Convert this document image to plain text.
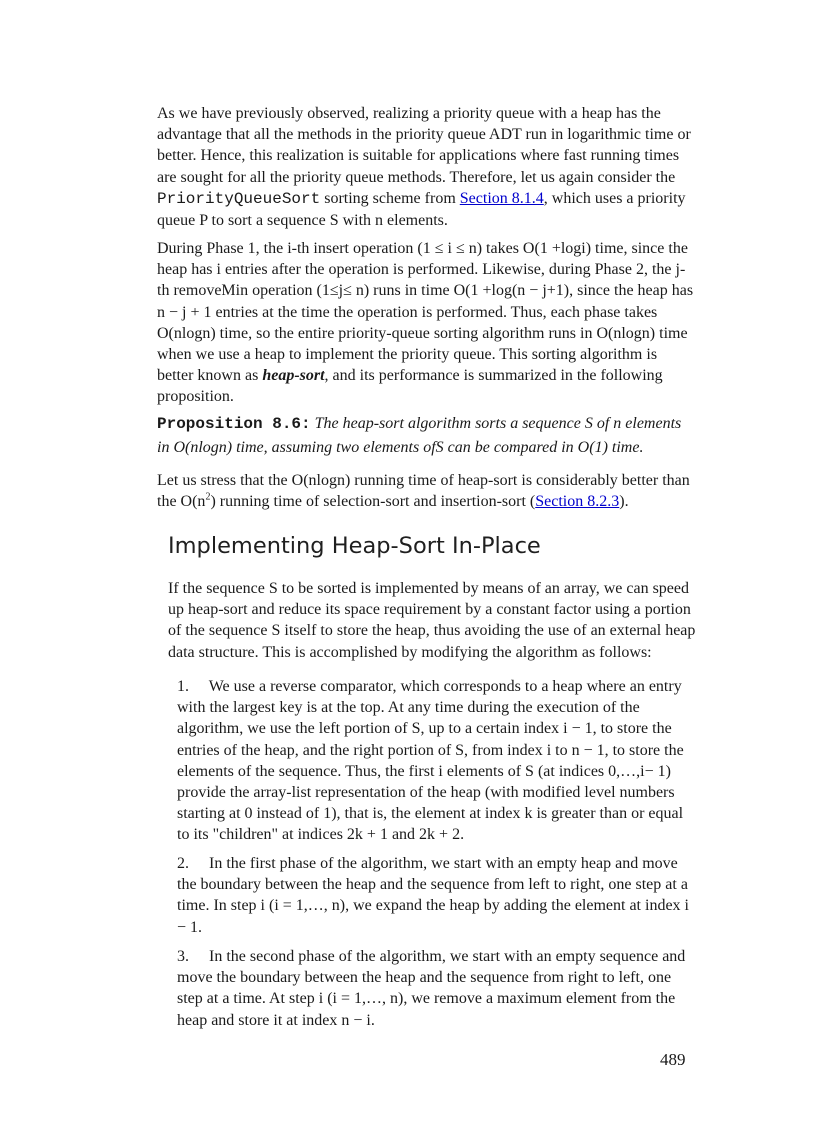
As we have previously observed, realizing a priority queue with a heap has the
advantage that all the methods in the priority queue ADT run in logarithmic time or
better. Hence, this realization is suitable for applications where fast running times
are sought for all the priority queue methods. Therefore, let us again consider the
PriorityQueueSort sorting scheme from Section 8.1.4, which uses a priority
queue P to sort a sequence S with n elements.
During Phase 1, the i-th insert operation (1 ≤ i ≤ n) takes O(1 +logi) time, since the
heap has i entries after the operation is performed. Likewise, during Phase 2, the j-
th removeMin operation (1≤j≤ n) runs in time O(1 +log(n − j+1), since the heap has
n − j + 1 entries at the time the operation is performed. Thus, each phase takes
O(nlogn) time, so the entire priority-queue sorting algorithm runs in O(nlogn) time
when we use a heap to implement the priority queue. This sorting algorithm is
better known as heap-sort, and its performance is summarized in the following
proposition.
Proposition 8.6: The heap-sort algorithm sorts a sequence S of n elements
in O(nlogn) time, assuming two elements ofS can be compared in O(1) time.
Let us stress that the O(nlogn) running time of heap-sort is considerably better than
the $O(n^2)$ running time of selection-sort and insertion-sort (Section 8.2.3).
Implementing Heap-Sort In-Place
If the sequence S to be sorted is implemented by means of an array, we can speed
up heap-sort and reduce its space requirement by a constant factor using a portion
of the sequence S itself to store the heap, thus avoiding the use of an external heap
data structure. This is accomplished by modifying the algorithm as follows:
1.     We use a reverse comparator, which corresponds to a heap where an entry
with the largest key is at the top. At any time during the execution of the
algorithm, we use the left portion of S, up to a certain index i − 1, to store the
entries of the heap, and the right portion of S, from index i to n − 1, to store the
elements of the sequence. Thus, the first i elements of S (at indices 0,…,i− 1)
provide the array-list representation of the heap (with modified level numbers
starting at 0 instead of 1), that is, the element at index k is greater than or equal
to its "children" at indices 2k + 1 and 2k + 2.
2.     In the first phase of the algorithm, we start with an empty heap and move
the boundary between the heap and the sequence from left to right, one step at a
time. In step i (i = 1,…, n), we expand the heap by adding the element at index i
− 1.
3.     In the second phase of the algorithm, we start with an empty sequence and
move the boundary between the heap and the sequence from right to left, one
step at a time. At step i (i = 1,…, n), we remove a maximum element from the
heap and store it at index n − i.
489
